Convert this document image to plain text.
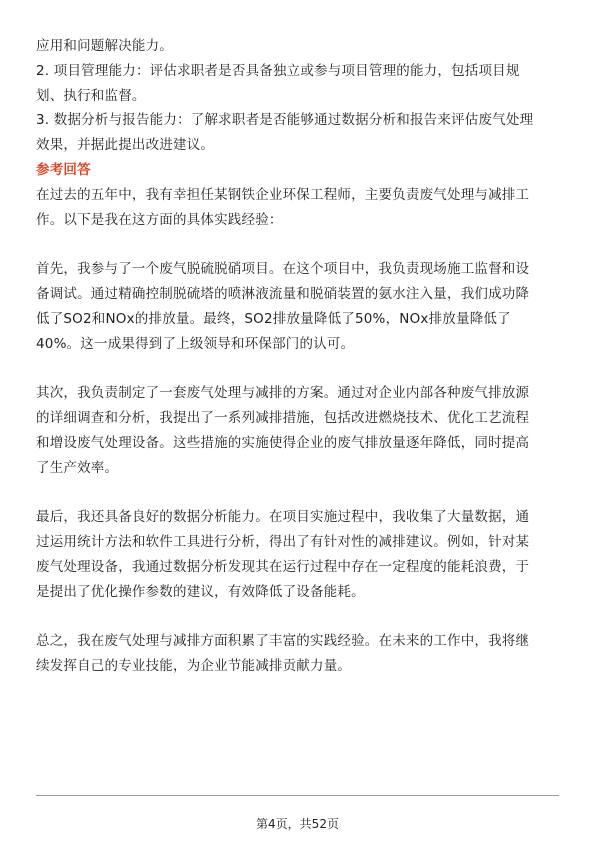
应用和问题解决能力。

2. 项目管理能力：评估求职者是否具备独立或参与项目管理的能力，包括项目规

划、执行和监督。

3. 数据分析与报告能力：了解求职者是否能够通过数据分析和报告来评估废气处理

效果，并据此提出改进建议。

参考回答

在过去的五年中，我有幸担任某钢铁企业环保工程师，主要负责废气处理与减排工

作。以下是我在这方面的具体实践经验：

首先，我参与了一个废气脱硫脱硝项目。在这个项目中，我负责现场施工监督和设

备调试。通过精确控制脱硫塔的喷淋液流量和脱硝装置的氨水注入量，我们成功降

低了SO2和NOx的排放量。最终，SO2排放量降低了50%，NOx排放量降低了

40%。这一成果得到了上级领导和环保部门的认可。

其次，我负责制定了一套废气处理与减排的方案。通过对企业内部各种废气排放源

的详细调查和分析，我提出了一系列减排措施，包括改进燃烧技术、优化工艺流程

和增设废气处理设备。这些措施的实施使得企业的废气排放量逐年降低，同时提高

了生产效率。

最后，我还具备良好的数据分析能力。在项目实施过程中，我收集了大量数据，通

过运用统计方法和软件工具进行分析，得出了有针对性的减排建议。例如，针对某

废气处理设备，我通过数据分析发现其在运行过程中存在一定程度的能耗浪费，于

是提出了优化操作参数的建议，有效降低了设备能耗。

总之，我在废气处理与减排方面积累了丰富的实践经验。在未来的工作中，我将继

续发挥自己的专业技能，为企业节能减排贡献力量。

第4页，共52页
